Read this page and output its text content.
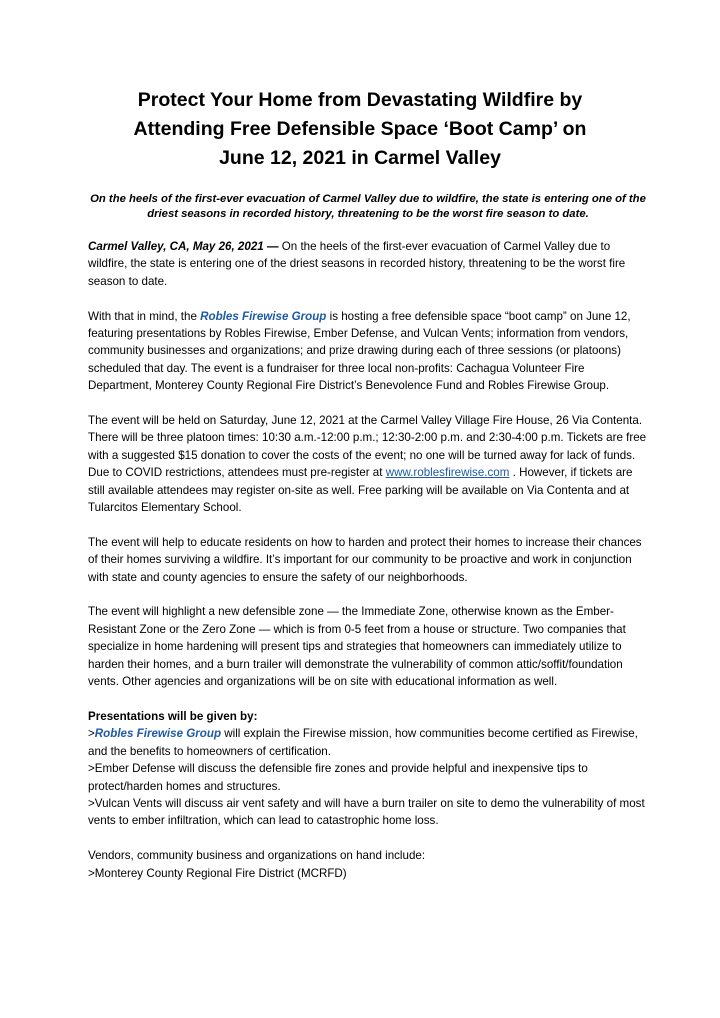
Protect Your Home from Devastating Wildfire by
Attending Free Defensible Space ‘Boot Camp’ on
June 12, 2021 in Carmel Valley

On the heels of the first-ever evacuation of Carmel Valley due to wildfire, the state is entering one of the driest seasons in recorded history, threatening to be the worst fire season to date.

Carmel Valley, CA, May 26, 2021 — On the heels of the first-ever evacuation of Carmel Valley due to wildfire, the state is entering one of the driest seasons in recorded history, threatening to be the worst fire season to date.

With that in mind, the Robles Firewise Group is hosting a free defensible space “boot camp” on June 12, featuring presentations by Robles Firewise, Ember Defense, and Vulcan Vents; information from vendors, community businesses and organizations; and prize drawing during each of three sessions (or platoons) scheduled that day. The event is a fundraiser for three local non-profits: Cachagua Volunteer Fire Department, Monterey County Regional Fire District’s Benevolence Fund and Robles Firewise Group.

The event will be held on Saturday, June 12, 2021 at the Carmel Valley Village Fire House, 26 Via Contenta. There will be three platoon times: 10:30 a.m.-12:00 p.m.; 12:30-2:00 p.m. and 2:30-4:00 p.m. Tickets are free with a suggested $15 donation to cover the costs of the event; no one will be turned away for lack of funds. Due to COVID restrictions, attendees must pre-register at www.roblesfirewise.com . However, if tickets are still available attendees may register on-site as well. Free parking will be available on Via Contenta and at Tularcitos Elementary School.

The event will help to educate residents on how to harden and protect their homes to increase their chances of their homes surviving a wildfire. It’s important for our community to be proactive and work in conjunction with state and county agencies to ensure the safety of our neighborhoods.

The event will highlight a new defensible zone — the Immediate Zone, otherwise known as the Ember-Resistant Zone or the Zero Zone — which is from 0-5 feet from a house or structure. Two companies that specialize in home hardening will present tips and strategies that homeowners can immediately utilize to harden their homes, and a burn trailer will demonstrate the vulnerability of common attic/soffit/foundation vents. Other agencies and organizations will be on site with educational information as well.

Presentations will be given by:

>Robles Firewise Group will explain the Firewise mission, how communities become certified as Firewise, and the benefits to homeowners of certification.

>Ember Defense will discuss the defensible fire zones and provide helpful and inexpensive tips to protect/harden homes and structures.

>Vulcan Vents will discuss air vent safety and will have a burn trailer on site to demo the vulnerability of most vents to ember infiltration, which can lead to catastrophic home loss.

Vendors, community business and organizations on hand include:

>Monterey County Regional Fire District (MCRFD)
